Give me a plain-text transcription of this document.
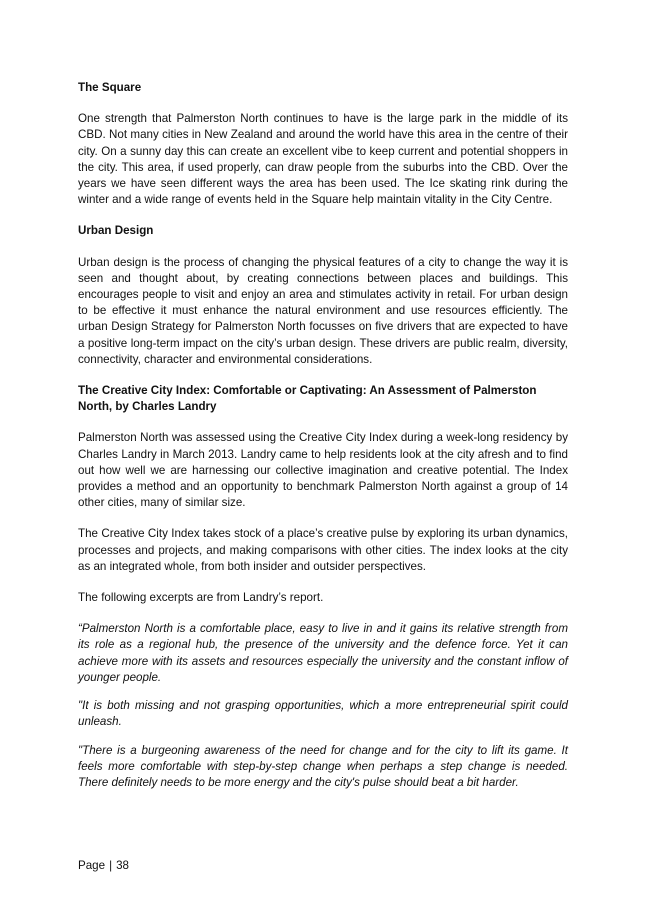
The Square

One strength that Palmerston North continues to have is the large park in the middle of its CBD. Not many cities in New Zealand and around the world have this area in the centre of their city. On a sunny day this can create an excellent vibe to keep current and potential shoppers in the city. This area, if used properly, can draw people from the suburbs into the CBD. Over the years we have seen different ways the area has been used. The Ice skating rink during the winter and a wide range of events held in the Square help maintain vitality in the City Centre.

Urban Design

Urban design is the process of changing the physical features of a city to change the way it is seen and thought about, by creating connections between places and buildings. This encourages people to visit and enjoy an area and stimulates activity in retail. For urban design to be effective it must enhance the natural environment and use resources efficiently. The urban Design Strategy for Palmerston North focusses on five drivers that are expected to have a positive long-term impact on the city’s urban design. These drivers are public realm, diversity, connectivity, character and environmental considerations.

The Creative City Index: Comfortable or Captivating: An Assessment of Palmerston North, by Charles Landry

Palmerston North was assessed using the Creative City Index during a week-long residency by Charles Landry in March 2013. Landry came to help residents look at the city afresh and to find out how well we are harnessing our collective imagination and creative potential. The Index provides a method and an opportunity to benchmark Palmerston North against a group of 14 other cities, many of similar size.

The Creative City Index takes stock of a place’s creative pulse by exploring its urban dynamics, processes and projects, and making comparisons with other cities. The index looks at the city as an integrated whole, from both insider and outsider perspectives.

The following excerpts are from Landry’s report.

“Palmerston North is a comfortable place, easy to live in and it gains its relative strength from its role as a regional hub, the presence of the university and the defence force. Yet it can achieve more with its assets and resources especially the university and the constant inflow of younger people.

"It is both missing and not grasping opportunities, which a more entrepreneurial spirit could unleash.

"There is a burgeoning awareness of the need for change and for the city to lift its game. It feels more comfortable with step-by-step change when perhaps a step change is needed. There definitely needs to be more energy and the city's pulse should beat a bit harder.

Page | 38
